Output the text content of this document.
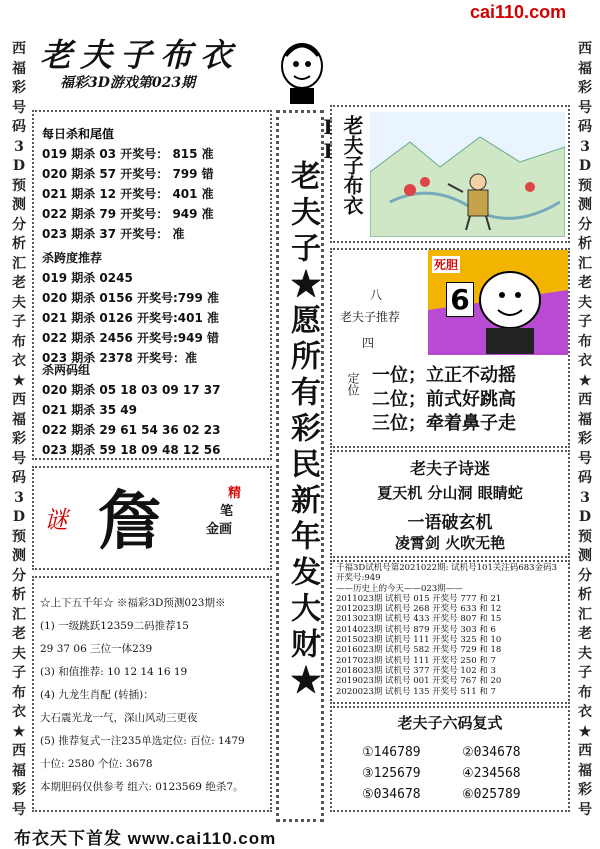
cai110.com
西
福
彩
号
码
3
D
预
测
分
析
汇
老
夫
子
布
衣
★
西
福
彩
号
码
3
D
预
测
分
析
汇
老
夫
子
布
衣
★
西
福
彩
号
西
福
彩
号
码
3
D
预
测
分
析
汇
老
夫
子
布
衣
★
西
福
彩
号
码
3
D
预
测
分
析
汇
老
夫
子
布
衣
★
西
福
彩
号
老夫子布衣
福彩3D游戏第023期
每日杀和尾值
019 期杀 03 开奖号： 815 准
020 期杀 57 开奖号： 799 错
021 期杀 12 开奖号： 401 准
022 期杀 79 开奖号： 949 准
023 期杀 37 开奖号： 准
杀跨度推荐
019 期杀 0245
020 期杀 0156 开奖号:799 准
021 期杀 0126 开奖号:401 准
022 期杀 2456 开奖号:949 错
023 期杀 2378 开奖号：准
杀两码组
020 期杀 05 18 03 09 17 37
021 期杀 35 49
022 期杀 29 61 54 36 02 23
023 期杀 59 18 09 48 12 56
老夫子★愿所有彩民新年发大财★
老夫子布衣II
八
老夫子推荐
四
定位
死胆
6
一位；立正不动摇
二位；前式好跳高
三位；牵着鼻子走
老夫子诗迷
夏天机 分山洞 眼睛蛇
一语破玄机
凌霄剑 火吹无艳
谜 詹	精
笔
金画
千福3D试机号第2021022期: 试机号101关注码683金码3
开奖号:949
——历史上的今天——023期——
2011023期 试机号 015 开奖号 777 和 21
2012023期 试机号 268 开奖号 633 和 12
2013023期 试机号 433 开奖号 807 和 15
2014023期 试机号 879 开奖号 303 和 6
2015023期 试机号 111 开奖号 325 和 10
2016023期 试机号 582 开奖号 729 和 18
2017023期 试机号 111 开奖号 250 和 7
2018023期 试机号 377 开奖号 102 和 3
2019023期 试机号 001 开奖号 767 和 20
2020023期 试机号 135 开奖号 511 和 7
☆上下五千年☆ ※福彩3D预测023期※
(1) 一级跳跃12359二码推荐15
29 37 06 三位一体239
(3) 和值推荐: 10 12 14 16 19
(4) 九龙生肖配 (转插)：
大石震光龙一气，深山风动三更夜
(5) 推荐复式一注235单选定位: 百位: 1479
十位: 2580 个位: 3678
本期胆码仅供参考 组六: 0123569 绝杀7。
老夫子六码复式
①146789	②034678
③125679	④234568
⑤034678	⑥025789
布衣天下首发 www.cai110.com
